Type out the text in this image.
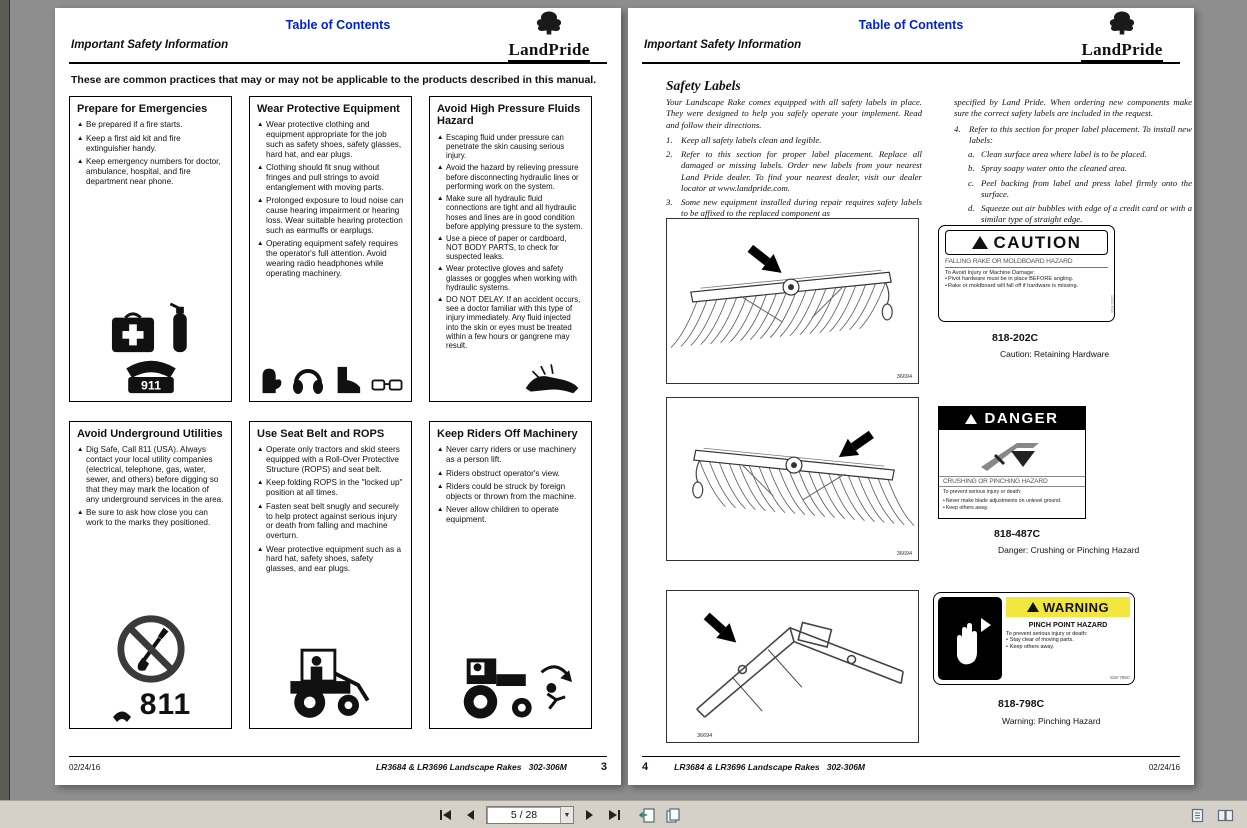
Table of Contents
Important Safety Information	LandPride
These are common practices that may or may not be applicable to the products described in this manual.
Prepare for Emergencies
▲ Be prepared if a fire starts.
▲ Keep a first aid kit and fire extinguisher handy.
▲ Keep emergency numbers for doctor, ambulance, hospital, and fire department near phone.
911
Wear Protective Equipment
▲ Wear protective clothing and equipment appropriate for the job such as safety shoes, safety glasses, hard hat, and ear plugs.
▲ Clothing should fit snug without fringes and pull strings to avoid entanglement with moving parts.
▲ Prolonged exposure to loud noise can cause hearing impairment or hearing loss. Wear suitable hearing protection such as earmuffs or earplugs.
▲ Operating equipment safely requires the operator's full attention. Avoid wearing radio headphones while operating machinery.
Avoid High Pressure Fluids Hazard
▲ Escaping fluid under pressure can penetrate the skin causing serious injury.
▲ Avoid the hazard by relieving pressure before disconnecting hydraulic lines or performing work on the system.
▲ Make sure all hydraulic fluid connections are tight and all hydraulic hoses and lines are in good condition before applying pressure to the system.
▲ Use a piece of paper or cardboard, NOT BODY PARTS, to check for suspected leaks.
▲ Wear protective gloves and safety glasses or goggles when working with hydraulic systems.
▲ DO NOT DELAY. If an accident occurs, see a doctor familiar with this type of injury immediately. Any fluid injected into the skin or eyes must be treated within a few hours or gangrene may result.
Avoid Underground Utilities
▲ Dig Safe, Call 811 (USA). Always contact your local utility companies (electrical, telephone, gas, water, sewer, and others) before digging so that they may mark the location of any underground services in the area.
▲ Be sure to ask how close you can work to the marks they positioned.
811
Use Seat Belt and ROPS
▲ Operate only tractors and skid steers equipped with a Roll-Over Protective Structure (ROPS) and seat belt.
▲ Keep folding ROPS in the "locked up" position at all times.
▲ Fasten seat belt snugly and securely to help protect against serious injury or death from falling and machine overturn.
▲ Wear protective equipment such as a hard hat, safety shoes, safety glasses, and ear plugs.
Keep Riders Off Machinery
▲ Never carry riders or use machinery as a person lift.
▲ Riders obstruct operator's view.
▲ Riders could be struck by foreign objects or thrown from the machine.
▲ Never allow children to operate equipment.
02/24/16	LR3684 & LR3696 Landscape Rakes   302-306M	3
Table of Contents
Important Safety Information	LandPride
Safety Labels
Your Landscape Rake comes equipped with all safety labels in place. They were designed to help you safely operate your implement. Read and follow their directions.
1. Keep all safety labels clean and legible.
2. Refer to this section for proper label placement. Replace all damaged or missing labels. Order new labels from your nearest Land Pride dealer. To find your nearest dealer, visit our dealer locator at www.landpride.com.
3. Some new equipment installed during repair requires safety labels to be affixed to the replaced component as
specified by Land Pride. When ordering new components make sure the correct safety labels are included in the request.
4. Refer to this section for proper label placement. To install new labels:
a. Clean surface area where label is to be placed.
b. Spray soapy water onto the cleaned area.
c. Peel backing from label and press label firmly onto the surface.
d. Squeeze out air bubbles with edge of a credit card or with a similar type of straight edge.
36694
36694
36694
CAUTION
FALLING RAKE OR MOLDBOARD HAZARD
To Avoid Injury or Machine Damage:
• Pivot hardware must be in place BEFORE angling.
• Rake or moldboard will fall off if hardware is missing.
818-202C
818-202C
Caution: Retaining Hardware
DANGER
CRUSHING OR PINCHING HAZARD
To prevent serious injury or death:
• Never make blade adjustments on unlevel ground.
• Keep others away.
818-487C
Danger: Crushing or Pinching Hazard
WARNING
PINCH POINT HAZARD
To prevent serious injury or death:
• Stay clear of moving parts.
• Keep others away.
818-798C
818-798C
Warning: Pinching Hazard
4	LR3684 & LR3696 Landscape Rakes   302-306M	02/24/16
5 / 28	▼
